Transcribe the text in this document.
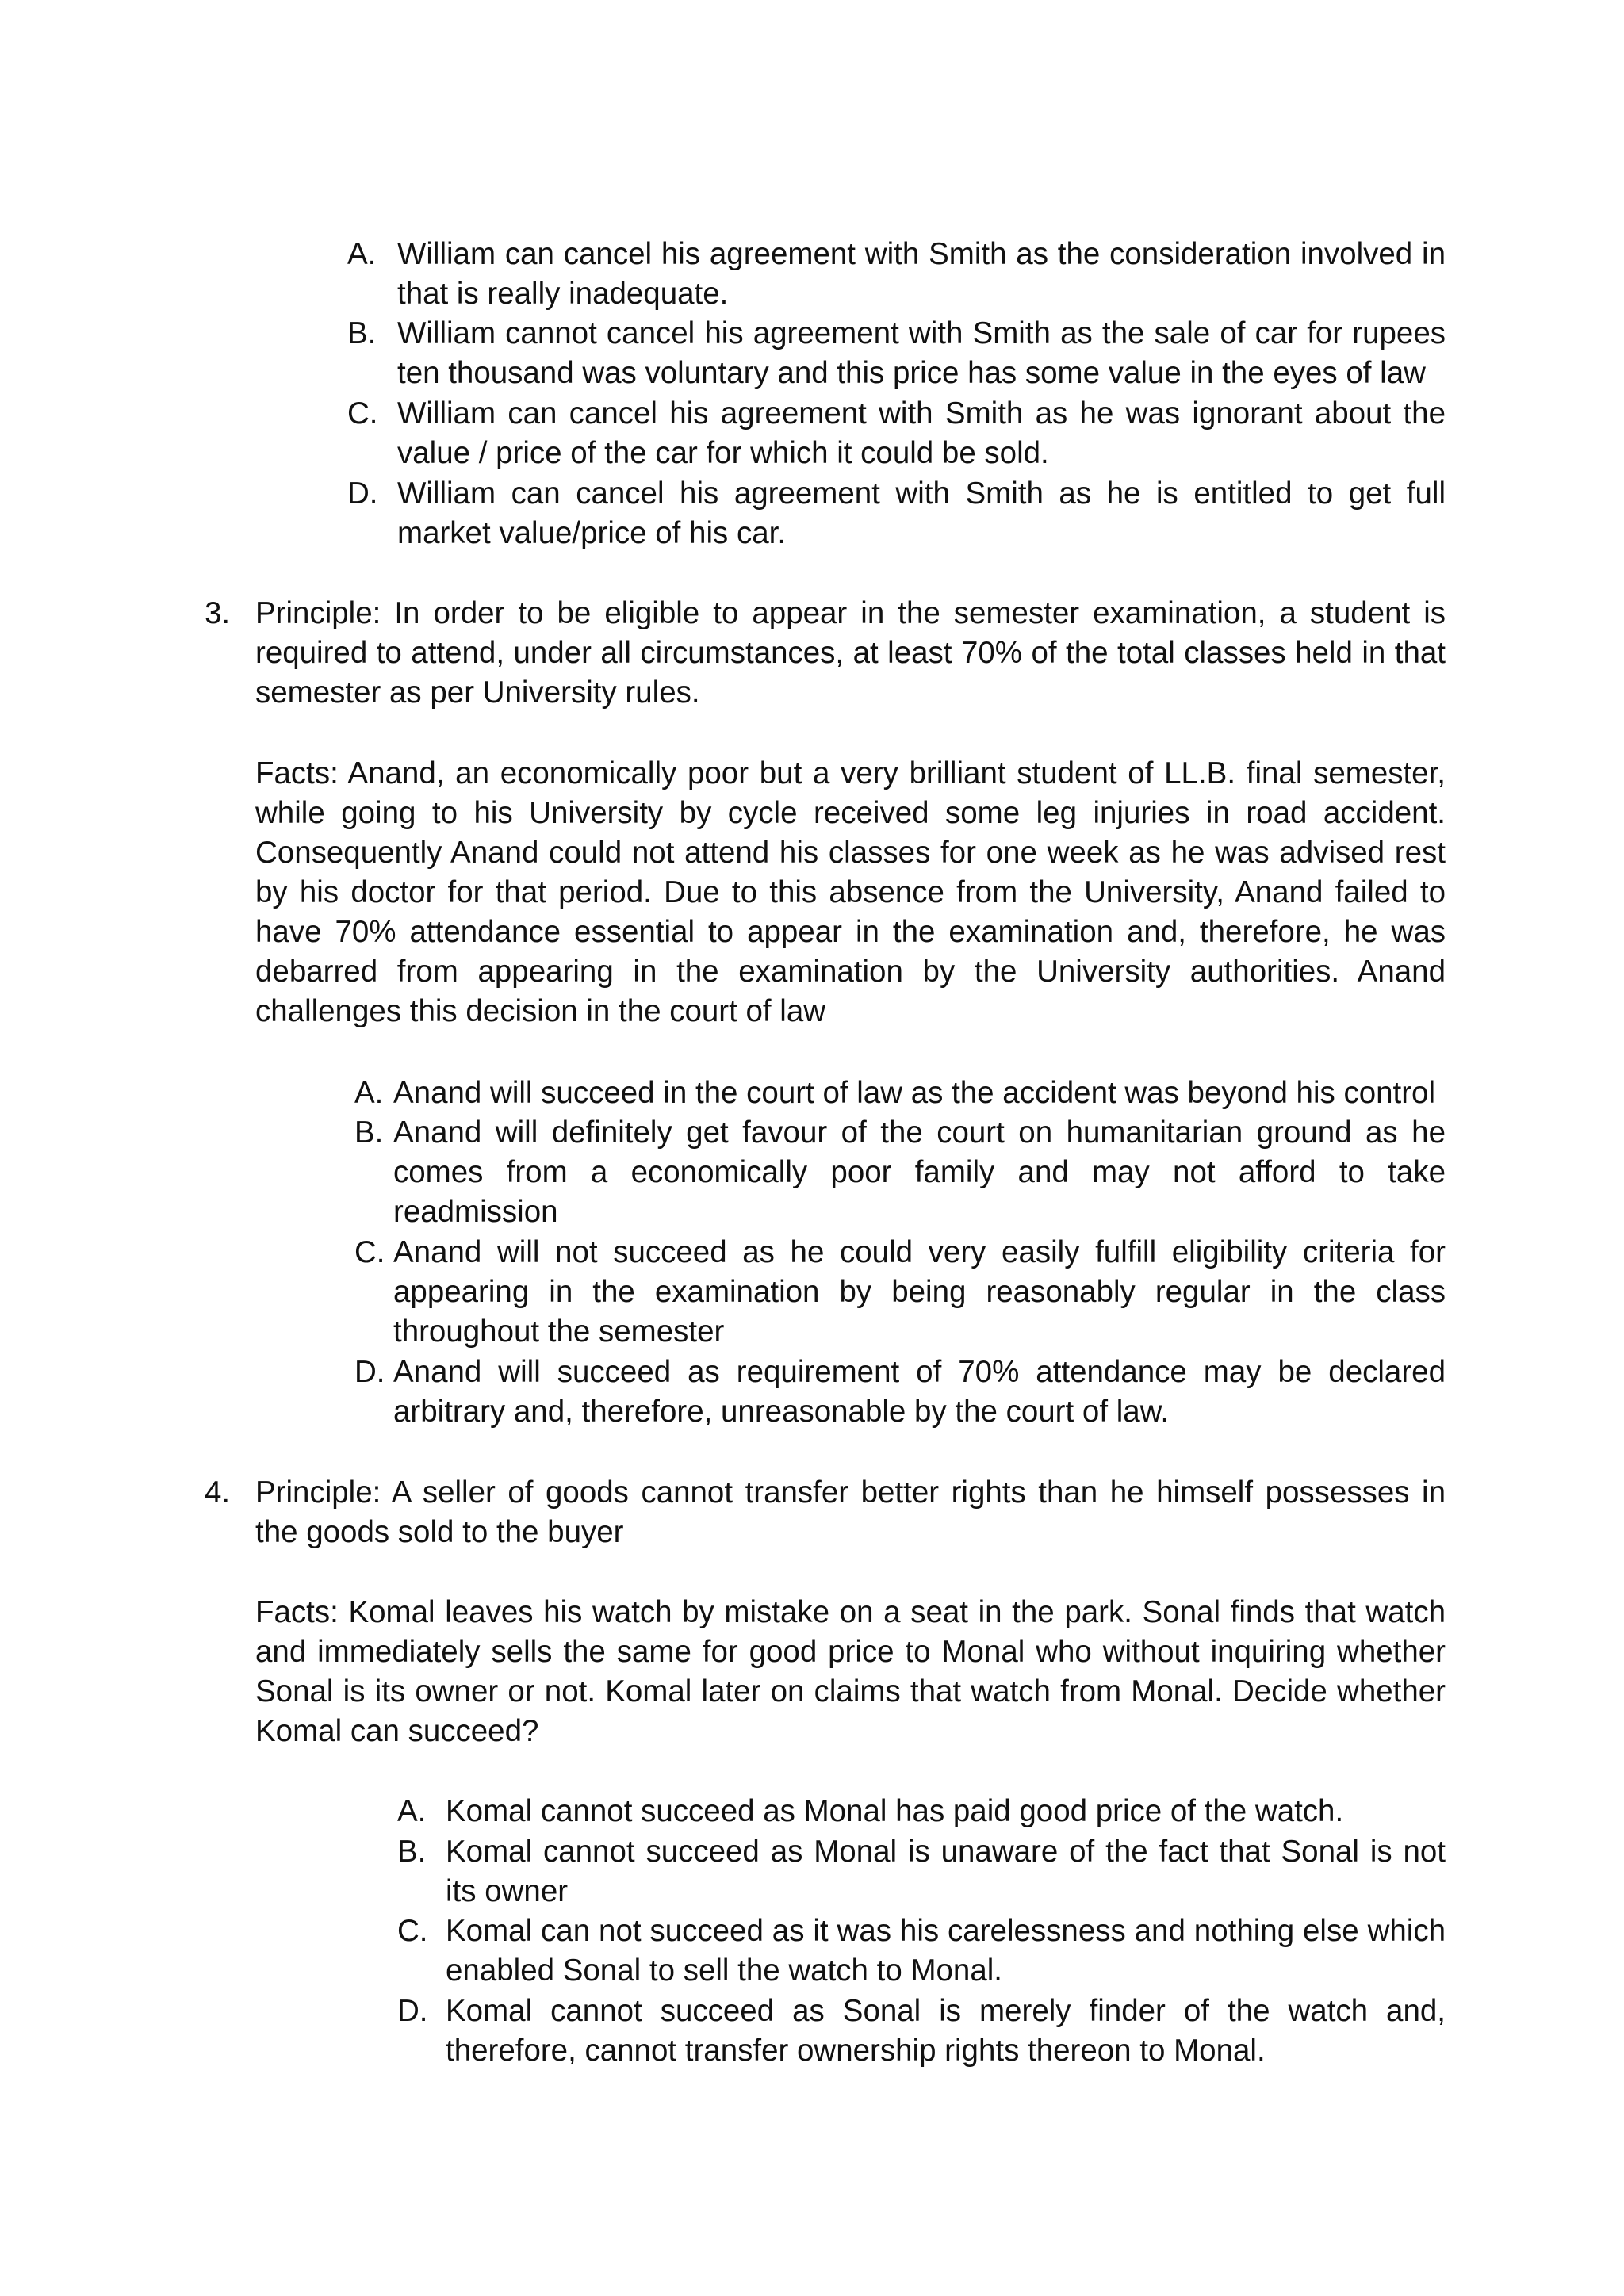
A. William can cancel his agreement with Smith as the consideration involved in that is really inadequate.

B. William cannot cancel his agreement with Smith as the sale of car for rupees ten thousand was voluntary and this price has some value in the eyes of law

C. William can cancel his agreement with Smith as he was ignorant about the value / price of the car for which it could be sold.

D. William can cancel his agreement with Smith as he is entitled to get full market value/price of his car.

3. Principle: In order to be eligible to appear in the semester examination, a student is required to attend, under all circumstances, at least 70% of the total classes held in that semester as per University rules.

Facts: Anand, an economically poor but a very brilliant student of LL.B. final semester, while going to his University by cycle received some leg injuries in road accident. Consequently Anand could not attend his classes for one week as he was advised rest by his doctor for that period. Due to this absence from the University, Anand failed to have 70% attendance essential to appear in the examination and, therefore, he was debarred from appearing in the examination by the University authorities. Anand challenges this decision in the court of law

A. Anand will succeed in the court of law as the accident was beyond his control

B. Anand will definitely get favour of the court on humanitarian ground as he comes from a economically poor family and may not afford to take readmission

C. Anand will not succeed as he could very easily fulfill eligibility criteria for appearing in the examination by being reasonably regular in the class throughout the semester

D. Anand will succeed as requirement of 70% attendance may be declared arbitrary and, therefore, unreasonable by the court of law.

4. Principle: A seller of goods cannot transfer better rights than he himself possesses in the goods sold to the buyer

Facts: Komal leaves his watch by mistake on a seat in the park. Sonal finds that watch and immediately sells the same for good price to Monal who without inquiring whether Sonal is its owner or not. Komal later on claims that watch from Monal. Decide whether Komal can succeed?

A. Komal cannot succeed as Monal has paid good price of the watch.

B. Komal cannot succeed as Monal is unaware of the fact that Sonal is not its owner

C. Komal can not succeed as it was his carelessness and nothing else which enabled Sonal to sell the watch to Monal.

D. Komal cannot succeed as Sonal is merely finder of the watch and, therefore, cannot transfer ownership rights thereon to Monal.
